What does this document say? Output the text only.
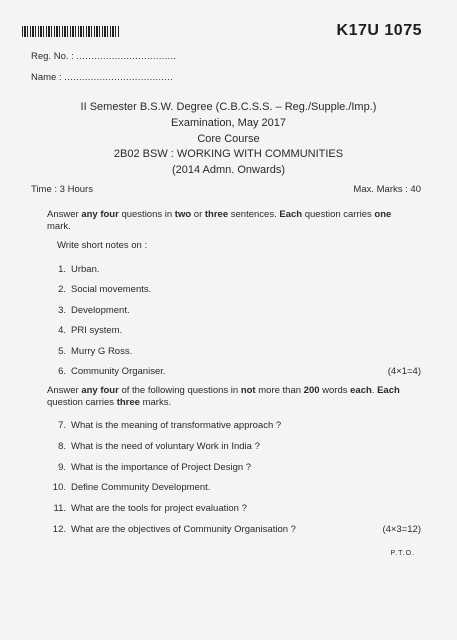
K17U 1075
Reg. No. : ..................................
Name : .....................................
II Semester B.S.W. Degree (C.B.C.S.S. – Reg./Supple./Imp.)
Examination, May 2017
Core Course
2B02 BSW : WORKING WITH COMMUNITIES
(2014 Admn. Onwards)
Time : 3 Hours	Max. Marks : 40
Answer any four questions in two or three sentences. Each question carries one mark.
Write short notes on :
1. Urban.
2. Social movements.
3. Development.
4. PRI system.
5. Murry G Ross.
6. Community Organiser.	(4×1=4)
Answer any four of the following questions in not more than 200 words each. Each question carries three marks.
7. What is the meaning of transformative approach ?
8. What is the need of voluntary Work in India ?
9. What is the importance of Project Design ?
10. Define Community Development.
11. What are the tools for project evaluation ?
12. What are the objectives of Community Organisation ?	(4×3=12)
P.T.O.
